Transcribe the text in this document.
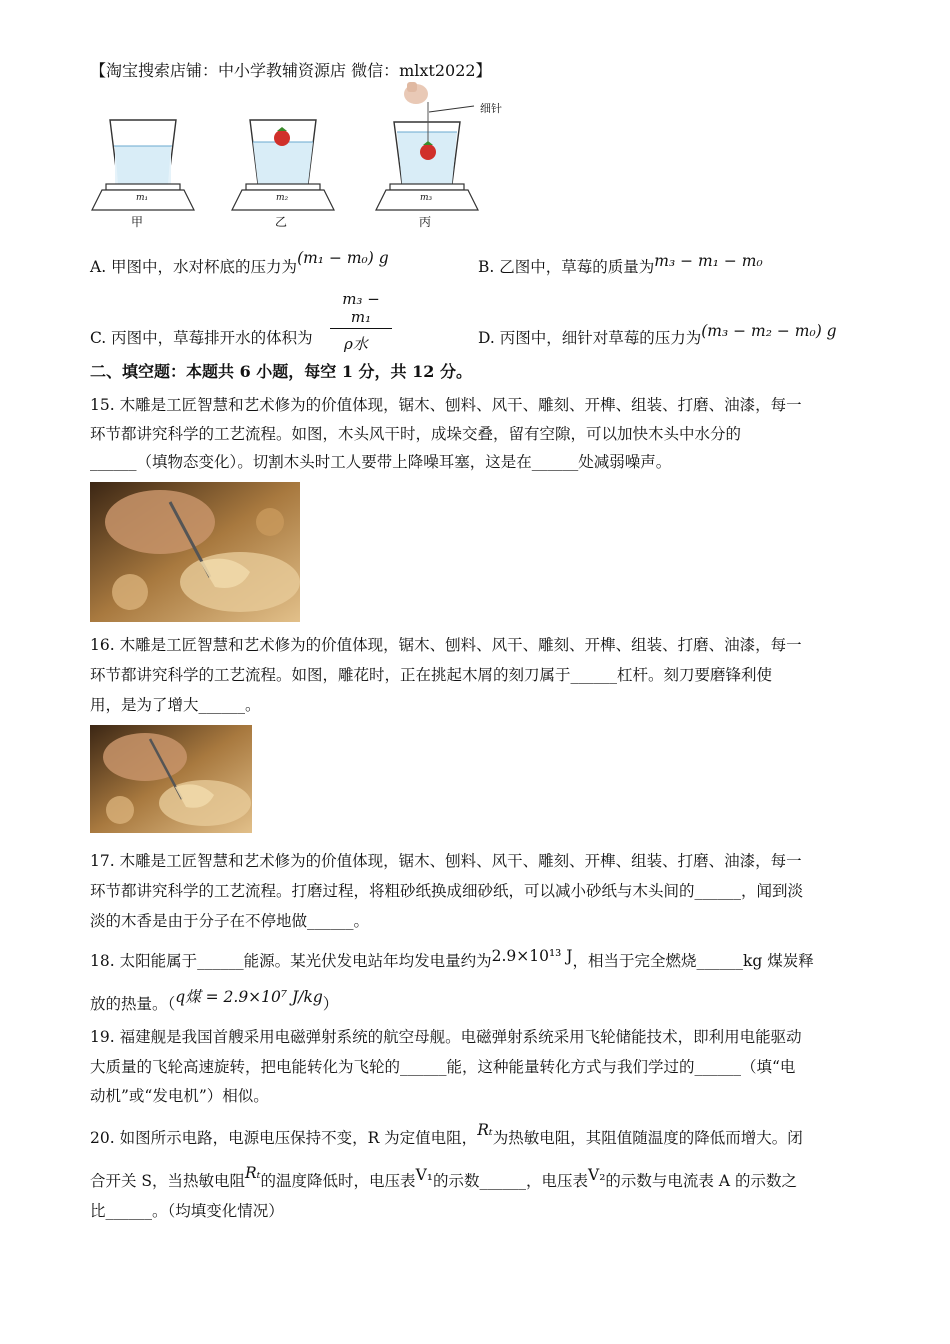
【淘宝搜索店铺：中小学教辅资源店 微信：mlxt2022】
细针
m₁	m₂	m₃
甲	乙	丙
A. 甲图中，水对杯底的压力为(m₁ − m₀) g	B. 乙图中，草莓的质量为m₃ − m₁ − m₀
C. 丙图中，草莓排开水的体积为
m₃ − m₁
ρ水	D. 丙图中，细针对草莓的压力为(m₃ − m₂ − m₀) g
二、填空题：本题共 6 小题，每空 1 分，共 12 分。
15. 木雕是工匠智慧和艺术修为的价值体现，锯木、刨料、风干、雕刻、开榫、组装、打磨、油漆，每一
环节都讲究科学的工艺流程。如图，木头风干时，成垛交叠，留有空隙，可以加快木头中水分的
______（填物态变化）。切割木头时工人要带上降噪耳塞，这是在______处减弱噪声。
16. 木雕是工匠智慧和艺术修为的价值体现，锯木、刨料、风干、雕刻、开榫、组装、打磨、油漆，每一
环节都讲究科学的工艺流程。如图，雕花时，正在挑起木屑的刻刀属于______杠杆。刻刀要磨锋利使
用，是为了增大______。
17. 木雕是工匠智慧和艺术修为的价值体现，锯木、刨料、风干、雕刻、开榫、组装、打磨、油漆，每一
环节都讲究科学的工艺流程。打磨过程，将粗砂纸换成细砂纸，可以减小砂纸与木头间的______，闻到淡
淡的木香是由于分子在不停地做______。
18. 太阳能属于______能源。某光伏发电站年均发电量约为2.9×10¹³ J，相当于完全燃烧______kg 煤炭释
放的热量。（q煤 = 2.9×10⁷ J/kg）
19. 福建舰是我国首艘采用电磁弹射系统的航空母舰。电磁弹射系统采用飞轮储能技术，即利用电能驱动
大质量的飞轮高速旋转，把电能转化为飞轮的______能，这种能量转化方式与我们学过的______（填“电
动机”或“发电机”）相似。
20. 如图所示电路，电源电压保持不变，R 为定值电阻，Rₜ为热敏电阻，其阻值随温度的降低而增大。闭
合开关 S，当热敏电阻Rₜ的温度降低时，电压表V₁的示数______，电压表V₂的示数与电流表 A 的示数之
比______。（均填变化情况）
